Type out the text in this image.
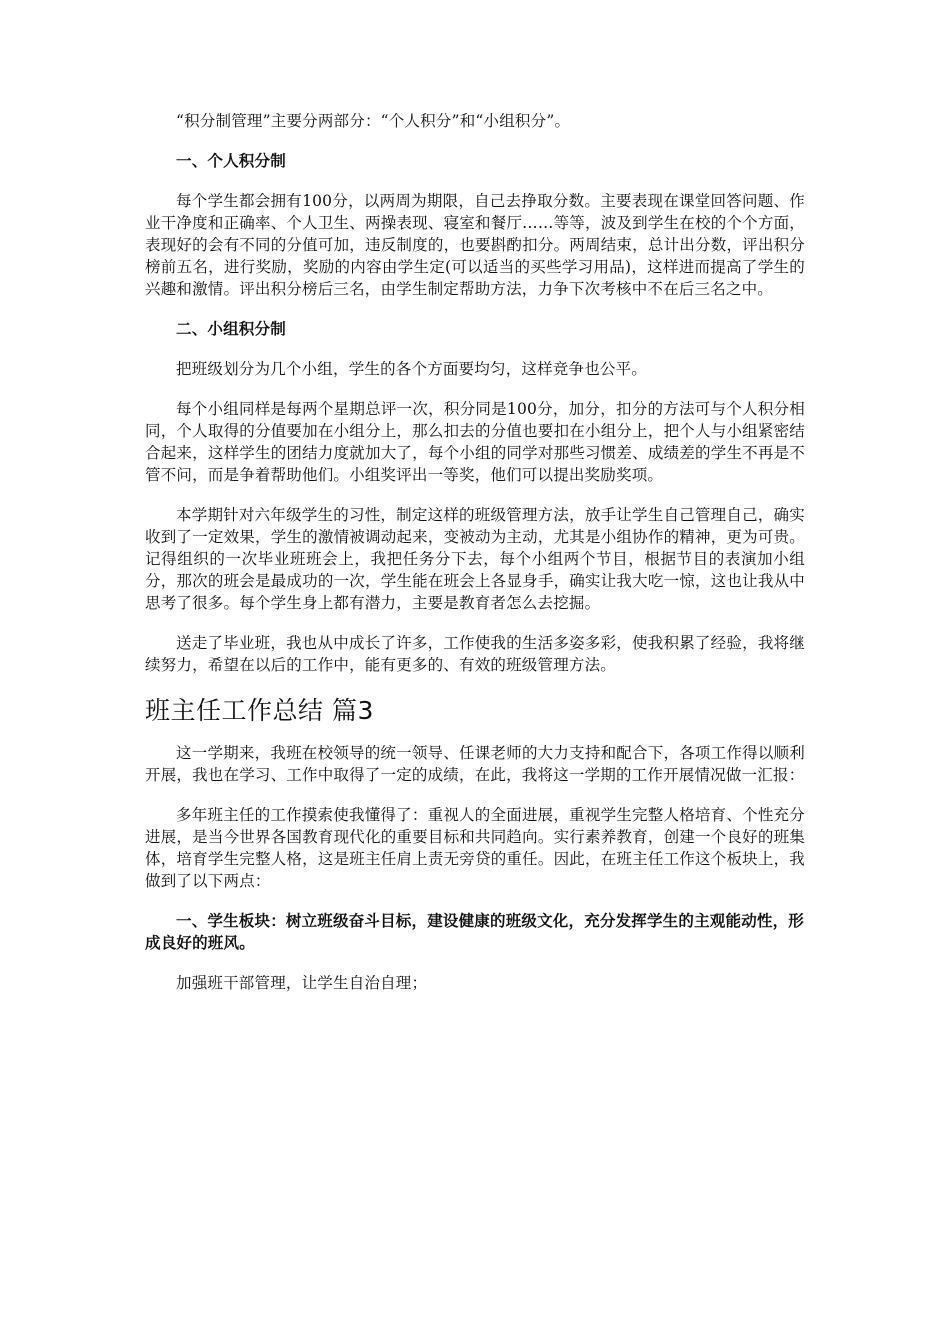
“积分制管理”主要分两部分：“个人积分”和“小组积分”。

一、个人积分制

每个学生都会拥有100分，以两周为期限，自己去挣取分数。主要表现在课堂回答问题、作业干净度和正确率、个人卫生、两操表现、寝室和餐厅……等等，波及到学生在校的个个方面，表现好的会有不同的分值可加，违反制度的，也要斟酌扣分。两周结束，总计出分数，评出积分榜前五名，进行奖励，奖励的内容由学生定(可以适当的买些学习用品)，这样进而提高了学生的兴趣和激情。评出积分榜后三名，由学生制定帮助方法，力争下次考核中不在后三名之中。

二、小组积分制

把班级划分为几个小组，学生的各个方面要均匀，这样竞争也公平。

每个小组同样是每两个星期总评一次，积分同是100分，加分，扣分的方法可与个人积分相同，个人取得的分值要加在小组分上，那么扣去的分值也要扣在小组分上，把个人与小组紧密结合起来，这样学生的团结力度就加大了，每个小组的同学对那些习惯差、成绩差的学生不再是不管不问，而是争着帮助他们。小组奖评出一等奖，他们可以提出奖励奖项。

本学期针对六年级学生的习性，制定这样的班级管理方法，放手让学生自己管理自己，确实收到了一定效果，学生的激情被调动起来，变被动为主动，尤其是小组协作的精神，更为可贵。记得组织的一次毕业班班会上，我把任务分下去，每个小组两个节目，根据节目的表演加小组分，那次的班会是最成功的一次，学生能在班会上各显身手，确实让我大吃一惊，这也让我从中思考了很多。每个学生身上都有潜力，主要是教育者怎么去挖掘。

送走了毕业班，我也从中成长了许多，工作使我的生活多姿多彩，使我积累了经验，我将继续努力，希望在以后的工作中，能有更多的、有效的班级管理方法。

班主任工作总结 篇3

这一学期来，我班在校领导的统一领导、任课老师的大力支持和配合下，各项工作得以顺利开展，我也在学习、工作中取得了一定的成绩，在此，我将这一学期的工作开展情况做一汇报：

多年班主任的工作摸索使我懂得了：重视人的全面进展，重视学生完整人格培育、个性充分进展，是当今世界各国教育现代化的重要目标和共同趋向。实行素养教育，创建一个良好的班集体，培育学生完整人格，这是班主任肩上责无旁贷的重任。因此，在班主任工作这个板块上，我做到了以下两点：

一、学生板块：树立班级奋斗目标，建设健康的班级文化，充分发挥学生的主观能动性，形成良好的班风。

加强班干部管理，让学生自治自理；
